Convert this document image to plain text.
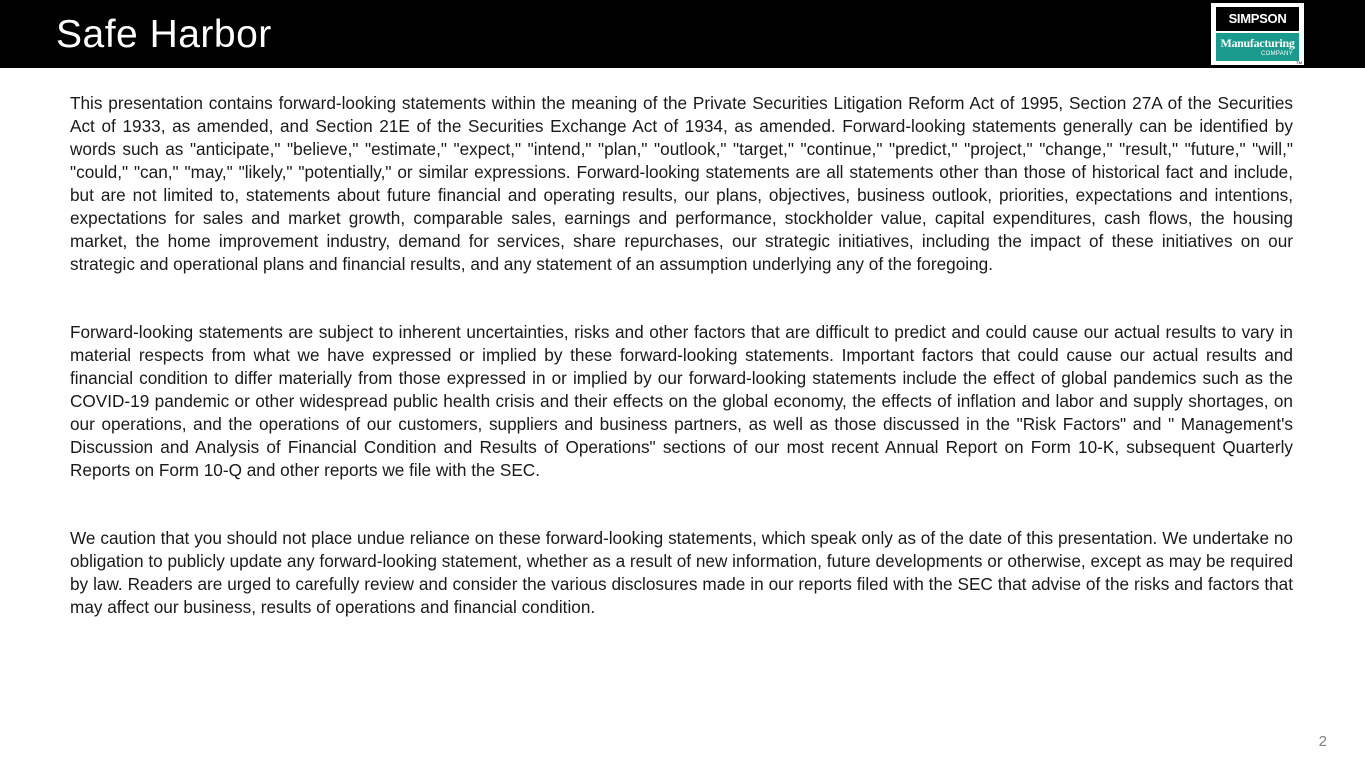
Safe Harbor	SIMPSON
Manufacturing
COMPANY
TM

This presentation contains forward-looking statements within the meaning of the Private Securities Litigation Reform Act of 1995, Section 27A of the Securities Act of 1933, as amended, and Section 21E of the Securities Exchange Act of 1934, as amended. Forward-looking statements generally can be identified by words such as "anticipate," "believe," "estimate," "expect," "intend," "plan," "outlook," "target," "continue," "predict," "project," "change," "result," "future," "will," "could," "can," "may," "likely," "potentially," or similar expressions. Forward-looking statements are all statements other than those of historical fact and include, but are not limited to, statements about future financial and operating results, our plans, objectives, business outlook, priorities, expectations and intentions, expectations for sales and market growth, comparable sales, earnings and performance, stockholder value, capital expenditures, cash flows, the housing market, the home improvement industry, demand for services, share repurchases, our strategic initiatives, including the impact of these initiatives on our strategic and operational plans and financial results, and any statement of an assumption underlying any of the foregoing.

Forward-looking statements are subject to inherent uncertainties, risks and other factors that are difficult to predict and could cause our actual results to vary in material respects from what we have expressed or implied by these forward-looking statements. Important factors that could cause our actual results and financial condition to differ materially from those expressed in or implied by our forward-looking statements include the effect of global pandemics such as the COVID-19 pandemic or other widespread public health crisis and their effects on the global economy, the effects of inflation and labor and supply shortages, on our operations, and the operations of our customers, suppliers and business partners, as well as those discussed in the "Risk Factors" and " Management's Discussion and Analysis of Financial Condition and Results of Operations" sections of our most recent Annual Report on Form 10-K, subsequent Quarterly Reports on Form 10-Q and other reports we file with the SEC.

We caution that you should not place undue reliance on these forward-looking statements, which speak only as of the date of this presentation. We undertake no obligation to publicly update any forward-looking statement, whether as a result of new information, future developments or otherwise, except as may be required by law. Readers are urged to carefully review and consider the various disclosures made in our reports filed with the SEC that advise of the risks and factors that may affect our business, results of operations and financial condition.

2
